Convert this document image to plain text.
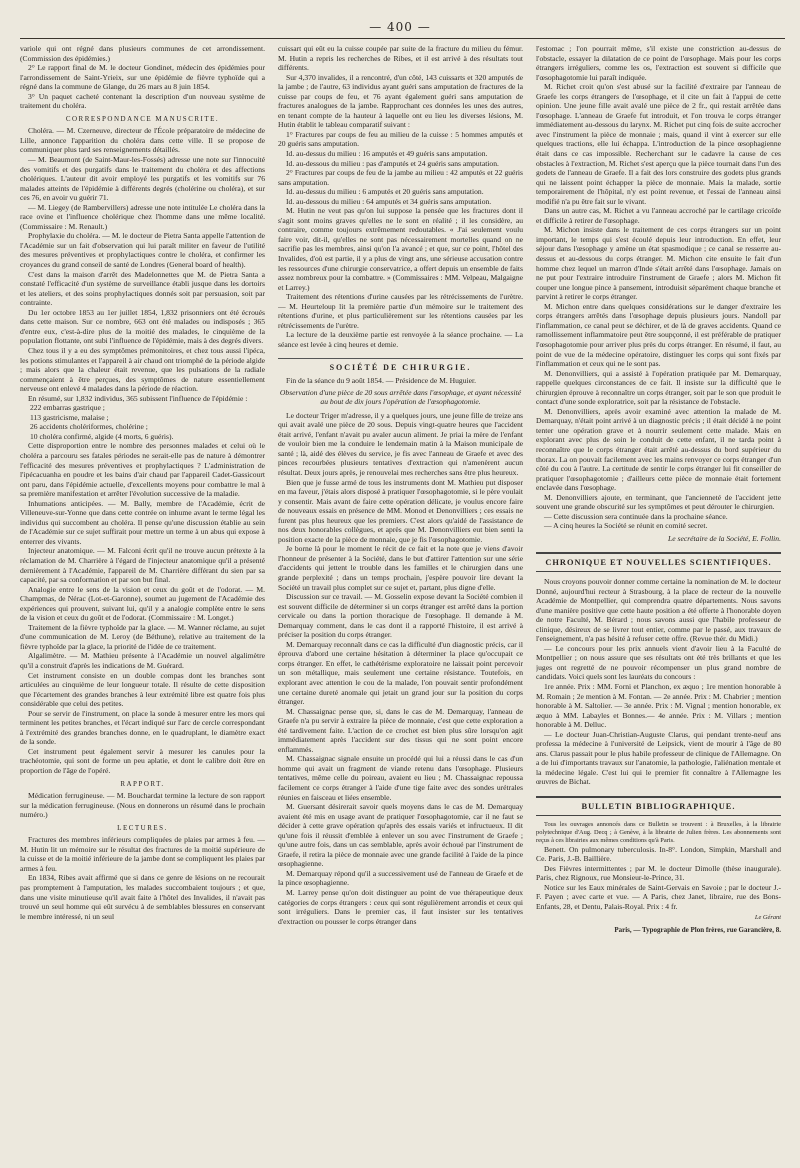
— 400 —

variole qui ont régné dans plusieurs communes de cet arrondissement. (Commission des épidémies.)

2° Le rapport final de M. le docteur Gondinet, médecin des épidémies pour l'arrondissement de Saint-Yrieix, sur une épidémie de fièvre typhoïde qui a régné dans la commune de Glange, du 26 mars au 8 juin 1854.

3° Un paquet cacheté contenant la description d'un nouveau système de traitement du choléra.

CORRESPONDANCE MANUSCRITE.

Choléra. — M. Czerneuve, directeur de l'École préparatoire de médecine de Lille, annonce l'apparition du choléra dans cette ville. Il se propose de communiquer plus tard ses renseignements détaillés.

— M. Beaumont (de Saint-Maur-les-Fossés) adresse une note sur l'innocuité des vomitifs et des purgatifs dans le traitement du choléra et des affections cholériques. L'auteur dit avoir employé les purgatifs et les vomitifs sur 76 malades atteints de l'épidémie à différents degrés (cholérine ou choléra), et sur ces 76, en avoir vu guérir 71.

— M. Liegey (de Rambervillers) adresse une note intitulée Le choléra dans la race ovine et l'influence cholérique chez l'homme dans une même localité. (Commissaire : M. Renault.)

Prophylaxie du choléra. — M. le docteur de Pietra Santa appelle l'attention de l'Académie sur un fait d'observation qui lui paraît militer en faveur de l'utilité des mesures préventives et prophylactiques contre le choléra, et confirmer les croyances du grand conseil de santé de Londres (General board of health).

C'est dans la maison d'arrêt des Madelonnettes que M. de Pietra Santa a constaté l'efficacité d'un système de surveillance établi jusque dans les dortoirs et les ateliers, et des soins prophylactiques donnés soit par persuasion, soit par contrainte.

Du 1er octobre 1853 au 1er juillet 1854, 1,832 prisonniers ont été écroués dans cette maison. Sur ce nombre, 663 ont été malades ou indisposés ; 365 d'entre eux, c'est-à-dire plus de la moitié des malades, le cinquième de la population flottante, ont subi l'influence de l'épidémie, mais à des degrés divers.

Chez tous il y a eu des symptômes prémonitoires, et chez tous aussi l'ipéca, les potions stimulantes et l'appareil à air chaud ont triomphé de la période algide ; mais alors que la chaleur était revenue, que les pulsations de la radiale commençaient à être perçues, des symptômes de nature essentiellement nerveuse ont enlevé 4 malades dans la période de réaction.

En résumé, sur 1,832 individus, 365 subissent l'influence de l'épidémie :

222 embarras gastrique ;

113 gastricisme, malaise ;

26 accidents cholériformes, cholérine ;

10 choléra confirmé, algide (4 morts, 6 guéris).

Cette disproportion entre le nombre des personnes malades et celui où le choléra a parcouru ses fatales périodes ne serait-elle pas de nature à démontrer l'efficacité des mesures préventives et prophylactiques ? L'administration de l'ipécacuanha en poudre et les bains d'air chaud par l'appareil Cadet-Gassicourt ont paru, dans l'épidémie actuelle, d'excellents moyens pour combattre le mal à sa première manifestation et arrêter l'évolution successive de la maladie.

Inhumations anticipées. — M. Bally, membre de l'Académie, écrit de Villeneuve-sur-Yonne que dans cette contrée on inhume avant le terme légal les individus qui succombent au choléra. Il pense qu'une discussion établie au sein de l'Académie sur ce sujet suffirait pour mettre un terme à un abus qui expose à enterrer des vivants.

Injecteur anatomique. — M. Falconi écrit qu'il ne trouve aucun prétexte à la réclamation de M. Charrière à l'égard de l'injecteur anatomique qu'il a présenté dernièrement à l'Académie, l'appareil de M. Charrière différant du sien par sa capacité, par sa conformation et par son but final.

Analogie entre le sens de la vision et ceux du goût et de l'odorat. — M. Champmas, de Nérac (Lot-et-Garonne), soumet au jugement de l'Académie des expériences qui prouvent, suivant lui, qu'il y a analogie complète entre le sens de la vision et ceux du goût et de l'odorat. (Commissaire : M. Longet.)

Traitement de la fièvre typhoïde par la glace. — M. Wanner réclame, au sujet d'une communication de M. Leroy (de Béthune), relative au traitement de la fièvre typhoïde par la glace, la priorité de l'idée de ce traitement.

Algalimètre. — M. Mathieu présente à l'Académie un nouvel algalimètre qu'il a construit d'après les indications de M. Guérard.

Cet instrument consiste en un double compas dont les branches sont articulées au cinquième de leur longueur totale. Il résulte de cette disposition que l'écartement des grandes branches à leur extrémité libre est quatre fois plus considérable que celui des petites.

Pour se servir de l'instrument, on place la sonde à mesurer entre les mors qui terminent les petites branches, et l'écart indiqué sur l'arc de cercle correspondant à l'extrémité des grandes branches donne, en le quadruplant, le diamètre exact de la sonde.

Cet instrument peut également servir à mesurer les canules pour la trachéotomie, qui sont de forme un peu aplatie, et dont le calibre doit être en proportion de l'âge de l'opéré.

RAPPORT.

Médication ferrugineuse. — M. Bouchardat termine la lecture de son rapport sur la médication ferrugineuse. (Nous en donnerons un résumé dans le prochain numéro.)

LECTURES.

Fractures des membres inférieurs compliquées de plaies par armes à feu. — M. Hutin lit un mémoire sur le résultat des fractures de la moitié supérieure de la cuisse et de la moitié inférieure de la jambe dont se compliquent les plaies par armes à feu.

En 1834, Ribes avait affirmé que si dans ce genre de lésions on ne recourait pas promptement à l'amputation, les malades succombaient toujours ; et que, dans une visite minutieuse qu'il avait faite à l'hôtel des Invalides, il n'avait pas trouvé un seul homme qui eût survécu à de semblables blessures en conservant le membre intéressé, ni un seul

cuissart qui eût eu la cuisse coupée par suite de la fracture du milieu du fémur. M. Hutin a repris les recherches de Ribes, et il est arrivé à des résultats tout différents.

Sur 4,370 invalides, il a rencontré, d'un côté, 143 cuissarts et 320 amputés de la jambe ; de l'autre, 63 individus ayant guéri sans amputation de fractures de la cuisse par coups de feu, et 76 ayant également guéri sans amputation de fractures analogues de la jambe. Rapprochant ces données les unes des autres, en tenant compte de la hauteur à laquelle ont eu lieu les diverses lésions, M. Hutin établit le tableau comparatif suivant :

1° Fractures par coups de feu au milieu de la cuisse : 5 hommes amputés et 20 guéris sans amputation.

Id. au-dessus du milieu : 16 amputés et 49 guéris sans amputation.

Id. au-dessous du milieu : pas d'amputés et 24 guéris sans amputation.

2° Fractures par coups de feu de la jambe au milieu : 42 amputés et 22 guéris sans amputation.

Id. au-dessus du milieu : 6 amputés et 20 guéris sans amputation.

Id. au-dessous du milieu : 64 amputés et 34 guéris sans amputation.

M. Hutin ne veut pas qu'on lui suppose la pensée que les fractures dont il s'agit sont moins graves qu'elles ne le sont en réalité ; il les considère, au contraire, comme toujours extrêmement redoutables. « J'ai seulement voulu faire voir, dit-il, qu'elles ne sont pas nécessairement mortelles quand on ne sacrifie pas les membres, ainsi qu'on l'a avancé ; et que, sur ce point, l'hôtel des Invalides, d'où est partie, il y a plus de vingt ans, une sérieuse accusation contre les ressources d'une chirurgie conservatrice, a offert depuis un ensemble de faits assez nombreux pour la combattre. » (Commissaires : MM. Velpeau, Malgaigne et Larrey.)

Traitement des rétentions d'urine causées par les rétrécissements de l'urètre. — M. Heurteloup lit la première partie d'un mémoire sur le traitement des rétentions d'urine, et plus particulièrement sur les rétentions causées par les rétrécissements de l'urètre.

La lecture de la deuxième partie est renvoyée à la séance prochaine. — La séance est levée à cinq heures et demie.

SOCIÉTÉ DE CHIRURGIE.

Fin de la séance du 9 août 1854. — Présidence de M. Huguier.

Observation d'une pièce de 20 sous arrêtée dans l'œsophage, et ayant nécessité au bout de dix jours l'opération de l'œsophagotomie.

Le docteur Triger m'adresse, il y a quelques jours, une jeune fille de treize ans qui avait avalé une pièce de 20 sous. Depuis vingt-quatre heures que l'accident était arrivé, l'enfant n'avait pu avaler aucun aliment. Je priai la mère de l'enfant de vouloir bien me la conduire le lendemain matin à la Maison municipale de santé ; là, aidé des élèves du service, je fis avec l'anneau de Graefe et avec des pinces recourbées plusieurs tentatives d'extraction qui n'amenèrent aucun résultat. Deux jours après, je renouvelai mes recherches sans être plus heureux.

Bien que je fusse armé de tous les instruments dont M. Mathieu put disposer en ma faveur, j'étais alors disposé à pratiquer l'œsophagotomie, si le père voulait y consentir. Mais avant de faire cette opération délicate, je voulus encore faire de nouveaux essais en présence de MM. Monod et Denonvilliers ; ces essais ne furent pas plus heureux que les premiers. C'est alors qu'aidé de l'assistance de nos deux honorables collègues, et après que M. Denonvilliers eut bien senti la position exacte de la pièce de monnaie, que je fis l'œsophagotomie.

Je borne là pour le moment le récit de ce fait et la note que je viens d'avoir l'honneur de présenter à la Société, dans le but d'attirer l'attention sur une série d'accidents qui jettent le trouble dans les familles et le chirurgien dans une grande perplexité ; dans un temps prochain, j'espère pouvoir lire devant la Société un travail plus complet sur ce sujet et, partant, plus digne d'elle.

Discussion sur ce travail. — M. Gosselin expose devant la Société combien il est souvent difficile de déterminer si un corps étranger est arrêté dans la portion cervicale ou dans la portion thoracique de l'œsophage. Il demande à M. Demarquay comment, dans le cas dont il a rapporté l'histoire, il est arrivé à préciser la position du corps étranger.

M. Demarquay reconnaît dans ce cas la difficulté d'un diagnostic précis, car il éprouva d'abord une certaine hésitation à déterminer la place qu'occupait ce corps étranger. En effet, le cathétérisme exploratoire ne laissait point percevoir un son métallique, mais seulement une certaine résistance. Toutefois, en explorant avec attention le cou de la malade, l'on pouvait sentir profondément une certaine dureté anomale qui jetait un grand jour sur la position du corps étranger.

M. Chassaignac pense que, si, dans le cas de M. Demarquay, l'anneau de Graefe n'a pu servir à extraire la pièce de monnaie, c'est que cette exploration a été tardivement faite. L'action de ce crochet est bien plus sûre lorsqu'on agit immédiatement après l'accident sur des tissus qui ne sont point encore enflammés.

M. Chassaignac signale ensuite un procédé qui lui a réussi dans le cas d'un homme qui avait un fragment de viande retenu dans l'œsophage. Plusieurs tentatives, même celle du poireau, avaient eu lieu ; M. Chassaignac repoussa facilement ce corps étranger à l'aide d'une tige faite avec des sondes urétrales réunies en faisceau et liées ensemble.

M. Guersant désirerait savoir quels moyens dans le cas de M. Demarquay avaient été mis en usage avant de pratiquer l'œsophagotomie, car il ne faut se décider à cette grave opération qu'après des essais variés et infructueux. Il dit qu'une fois il réussit d'emblée à enlever un sou avec l'instrument de Graefe ; qu'une autre fois, dans un cas semblable, après avoir échoué par l'instrument de Graefe, il retira la pièce de monnaie avec une grande facilité à l'aide de la pince œsophagienne.

M. Demarquay répond qu'il a successivement usé de l'anneau de Graefe et de la pince œsophagienne.

M. Larrey pense qu'on doit distinguer au point de vue thérapeutique deux catégories de corps étrangers : ceux qui sont régulièrement arrondis et ceux qui sont irréguliers. Dans le premier cas, il faut insister sur les tentatives d'extraction ou pousser le corps étranger dans

l'estomac ; l'on pourrait même, s'il existe une constriction au-dessus de l'obstacle, essayer la dilatation de ce point de l'œsophage. Mais pour les corps étrangers irréguliers, comme les os, l'extraction est souvent si difficile que l'œsophagotomie lui paraît indiquée.

M. Richet croit qu'on s'est abusé sur la facilité d'extraire par l'anneau de Graefe les corps étrangers de l'œsophage, et il cite un fait à l'appui de cette opinion. Une jeune fille avait avalé une pièce de 2 fr., qui restait arrêtée dans l'œsophage. L'anneau de Graefe fut introduit, et l'on trouva le corps étranger immédiatement au-dessous du larynx. M. Richet put cinq fois de suite accrocher avec l'instrument la pièce de monnaie ; mais, quand il vint à exercer sur elle quelques tractions, elle lui échappa. L'introduction de la pince œsophagienne était dans ce cas impossible. Recherchant sur le cadavre la cause de ces obstacles à l'extraction, M. Richet s'est aperçu que la pièce tournait dans l'un des godets de l'anneau de Graefe. Il a fait des lors construire des godets plus grands qui ne laissent point échapper la pièce de monnaie. Mais la malade, sortie temporairement de l'hôpital, n'y est point revenue, et l'essai de l'anneau ainsi modifié n'a pu être fait sur le vivant.

Dans un autre cas, M. Richet a vu l'anneau accroché par le cartilage cricoïde et difficile à retirer de l'œsophage.

M. Michon insiste dans le traitement de ces corps étrangers sur un point important, le temps qui s'est écoulé depuis leur introduction. En effet, leur séjour dans l'œsophage y amène un état spasmodique ; ce canal se resserre au-dessus et au-dessous du corps étranger. M. Michon cite ensuite le fait d'un homme chez lequel un marron d'Inde s'était arrêté dans l'œsophage. Jamais on ne put pour l'extraire introduire l'instrument de Graefe ; alors M. Michon fit couper une longue pince à pansement, introduisit séparément chaque branche et parvint à retirer le corps étranger.

M. Michon entre dans quelques considérations sur le danger d'extraire les corps étrangers arrêtés dans l'œsophage depuis plusieurs jours. Nandoll par l'inflammation, ce canal peut se déchirer, et de là de graves accidents. Quand ce ramollissement inflammatoire peut être soupçonné, il est préférable de pratiquer l'œsophagotomie pour arriver plus près du corps étranger. En résumé, il faut, au point de vue de la médecine opératoire, distinguer les corps qui sont fixés par l'inflammation et ceux qui ne le sont pas.

M. Denonvilliers, qui a assisté à l'opération pratiquée par M. Demarquay, rappelle quelques circonstances de ce fait. Il insiste sur la difficulté que le chirurgien éprouve à reconnaître un corps étranger, soit par le son que produit le contact d'une sonde exploratrice, soit par la résistance de l'obstacle.

M. Denonvilliers, après avoir examiné avec attention la malade de M. Demarquay, n'était point arrivé à un diagnostic précis ; il était décidé à ne point tenter une opération grave et à nourrir seulement cette malade. Mais en explorant avec plus de soin le conduit de cette enfant, il ne tarda point à reconnaître que le corps étranger était arrêté au-dessus du bord supérieur du thorax. La on pouvait facilement avec les mains renvoyer ce corps étranger d'un côté du cou à l'autre. La certitude de sentir le corps étranger lui fit conseiller de pratiquer l'œsophagotomie ; d'ailleurs cette pièce de monnaie était fortement enclavée dans l'œsophage.

M. Denonvilliers ajoute, en terminant, que l'ancienneté de l'accident jette souvent une grande obscurité sur les symptômes et peut dérouter le chirurgien.

— Cette discussion sera continuée dans la prochaine séance.

— A cinq heures la Société se réunit en comité secret.

Le secrétaire de la Société, E. Follin.
CHRONIQUE ET NOUVELLES SCIENTIFIQUES.

Nous croyons pouvoir donner comme certaine la nomination de M. le docteur Donné, aujourd'hui recteur à Strasbourg, à la place de recteur de la nouvelle Académie de Montpellier, qui comprendra quatre départements. Nous savons d'une manière positive que cette haute position a été offerte à l'honorable doyen de notre Faculté, M. Bérard ; nous savons aussi que l'habile professeur de clinique, désireux de se livrer tout entier, comme par le passé, aux travaux de l'enseignement, n'a pas hésité à refuser cette offre. (Revue thér. du Midi.)

— Le concours pour les prix annuels vient d'avoir lieu à la Faculté de Montpellier ; on nous assure que ses résultats ont été très brillants et que les juges ont regretté de ne pouvoir récompenser un plus grand nombre de candidats. Voici quels sont les lauréats du concours :

1re année. Prix : MM. Forni et Planchon, ex æquo ; 1re mention honorable à M. Romain ; 2e mention à M. Fontan. — 2e année. Prix : M. Chabrier ; mention honorable à M. Saltolier. — 3e année. Prix : M. Vignal ; mention honorable, ex æquo à MM. Labayles et Bonnes.— 4e année. Prix : M. Villars ; mention honorable à M. Delluc.

— Le docteur Juan-Christian-Auguste Clarus, qui pendant trente-neuf ans professa la médecine à l'université de Leipsick, vient de mourir à l'âge de 80 ans. Clarus passait pour le plus habile professeur de clinique de l'Allemagne. On a de lui d'importants travaux sur l'anatomie, la pathologie, l'aliénation mentale et la médecine légale. C'est lui qui le premier fit connaître à l'Allemagne les œuvres de Bichat.

BULLETIN BIBLIOGRAPHIQUE.

Tous les ouvrages annoncés dans ce Bulletin se trouvent : à Bruxelles, à la librairie polytechnique d'Aug. Decq ; à Genève, à la librairie de Julien frères. Les abonnements sont reçus à ces librairies aux mêmes conditions qu'à Paris.

Benett. On pulmonary tuberculosis. In-8°. London, Simpkin, Marshall and Ce. Paris, J.-B. Baillière.

Des Fièvres intermittentes ; par M. le docteur Dimolle (thèse inaugurale). Paris, chez Rignoux, rue Monsieur-le-Prince, 31.

Notice sur les Eaux minérales de Saint-Gervais en Savoie ; par le docteur J.-F. Payen ; avec carte et vue. — A Paris, chez Janet, libraire, rue des Bons-Enfants, 28, et Dentu, Palais-Royal. Prix : 4 fr.

Le Gérant
Paris, — Typographie de Plon frères, rue Garancière, 8.
